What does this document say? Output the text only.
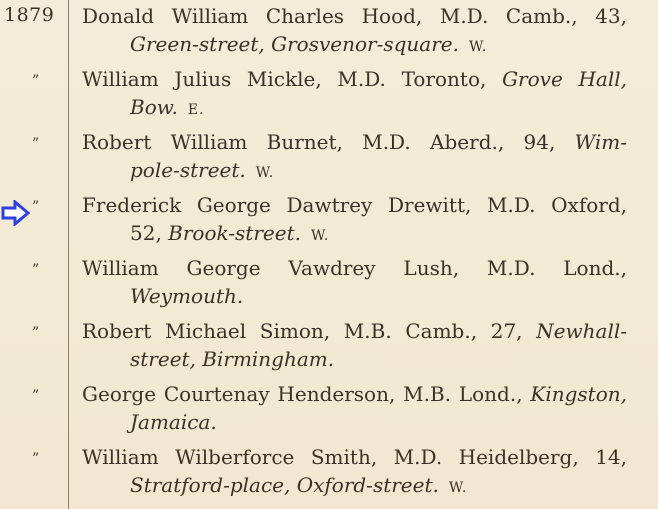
1879 Donald William Charles Hood, M.D. Camb., 43,
Green-street, Grosvenor-square. W.
” William Julius Mickle, M.D. Toronto, Grove Hall,
Bow. E.
” Robert William Burnet, M.D. Aberd., 94, Wim-
pole-street. W.
” Frederick George Dawtrey Drewitt, M.D. Oxford,
52, Brook-street. W.
” William George Vawdrey Lush, M.D. Lond.,
Weymouth.
” Robert Michael Simon, M.B. Camb., 27, Newhall-
street, Birmingham.
” George Courtenay Henderson, M.B. Lond., Kingston,
Jamaica.
” William Wilberforce Smith, M.D. Heidelberg, 14,
Stratford-place, Oxford-street. W.
